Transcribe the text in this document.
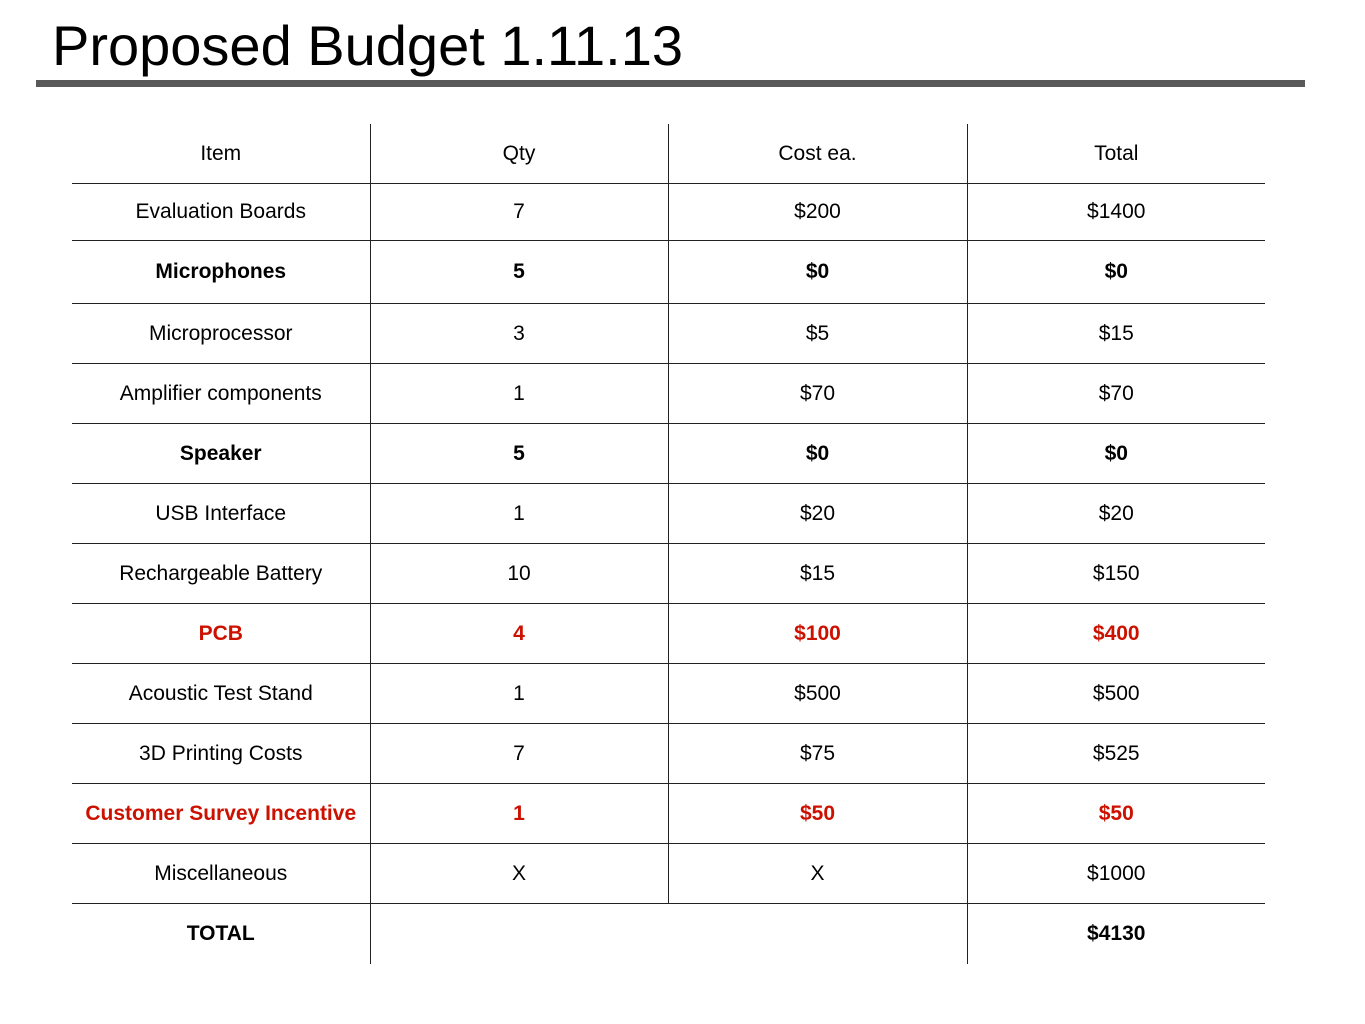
Proposed Budget 1.11.13
Item	Qty	Cost ea.	Total
Evaluation Boards	7	$200	$1400
Microphones	5	$0	$0
Microprocessor	3	$5	$15
Amplifier components	1	$70	$70
Speaker	5	$0	$0
USB Interface	1	$20	$20
Rechargeable Battery	10	$15	$150
PCB	4	$100	$400
Acoustic Test Stand	1	$500	$500
3D Printing Costs	7	$75	$525
Customer Survey Incentive	1	$50	$50
Miscellaneous	X	X	$1000
TOTAL			$4130
